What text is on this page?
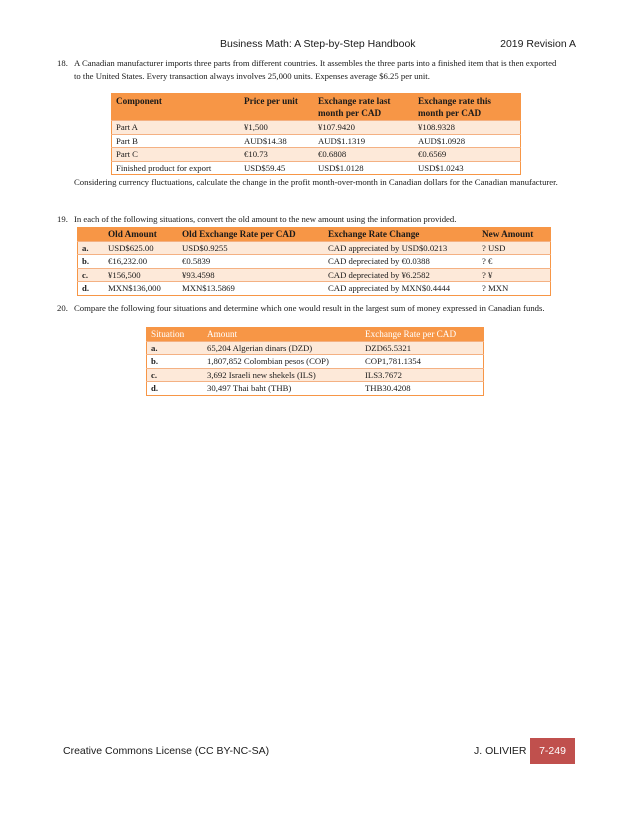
Business Math: A Step-by-Step Handbook	2019 Revision A
18. A Canadian manufacturer imports three parts from different countries. It assembles the three parts into a finished item that is then exported to the United States. Every transaction always involves 25,000 units. Expenses average $6.25 per unit.
Component	Price per unit	Exchange rate last month per CAD	Exchange rate this month per CAD
Part A	¥1,500	¥107.9420	¥108.9328
Part B	AUD$14.38	AUD$1.1319	AUD$1.0928
Part C	€10.73	€0.6808	€0.6569
Finished product for export	USD$59.45	USD$1.0128	USD$1.0243
Considering currency fluctuations, calculate the change in the profit month-over-month in Canadian dollars for the Canadian manufacturer.
19. In each of the following situations, convert the old amount to the new amount using the information provided.
	Old Amount	Old Exchange Rate per CAD	Exchange Rate Change	New Amount
a.	USD$625.00	USD$0.9255	CAD appreciated by USD$0.0213	? USD
b.	€16,232.00	€0.5839	CAD depreciated by €0.0388	? €
c.	¥156,500	¥93.4598	CAD depreciated by ¥6.2582	? ¥
d.	MXN$136,000	MXN$13.5869	CAD appreciated by MXN$0.4444	? MXN
20. Compare the following four situations and determine which one would result in the largest sum of money expressed in Canadian funds.
Situation	Amount	Exchange Rate per CAD
a.	65,204 Algerian dinars (DZD)	DZD65.5321
b.	1,807,852 Colombian pesos (COP)	COP1,781.1354
c.	3,692 Israeli new shekels (ILS)	ILS3.7672
d.	30,497 Thai baht (THB)	THB30.4208
Creative Commons License (CC BY-NC-SA)	J. OLIVIER	7-249
